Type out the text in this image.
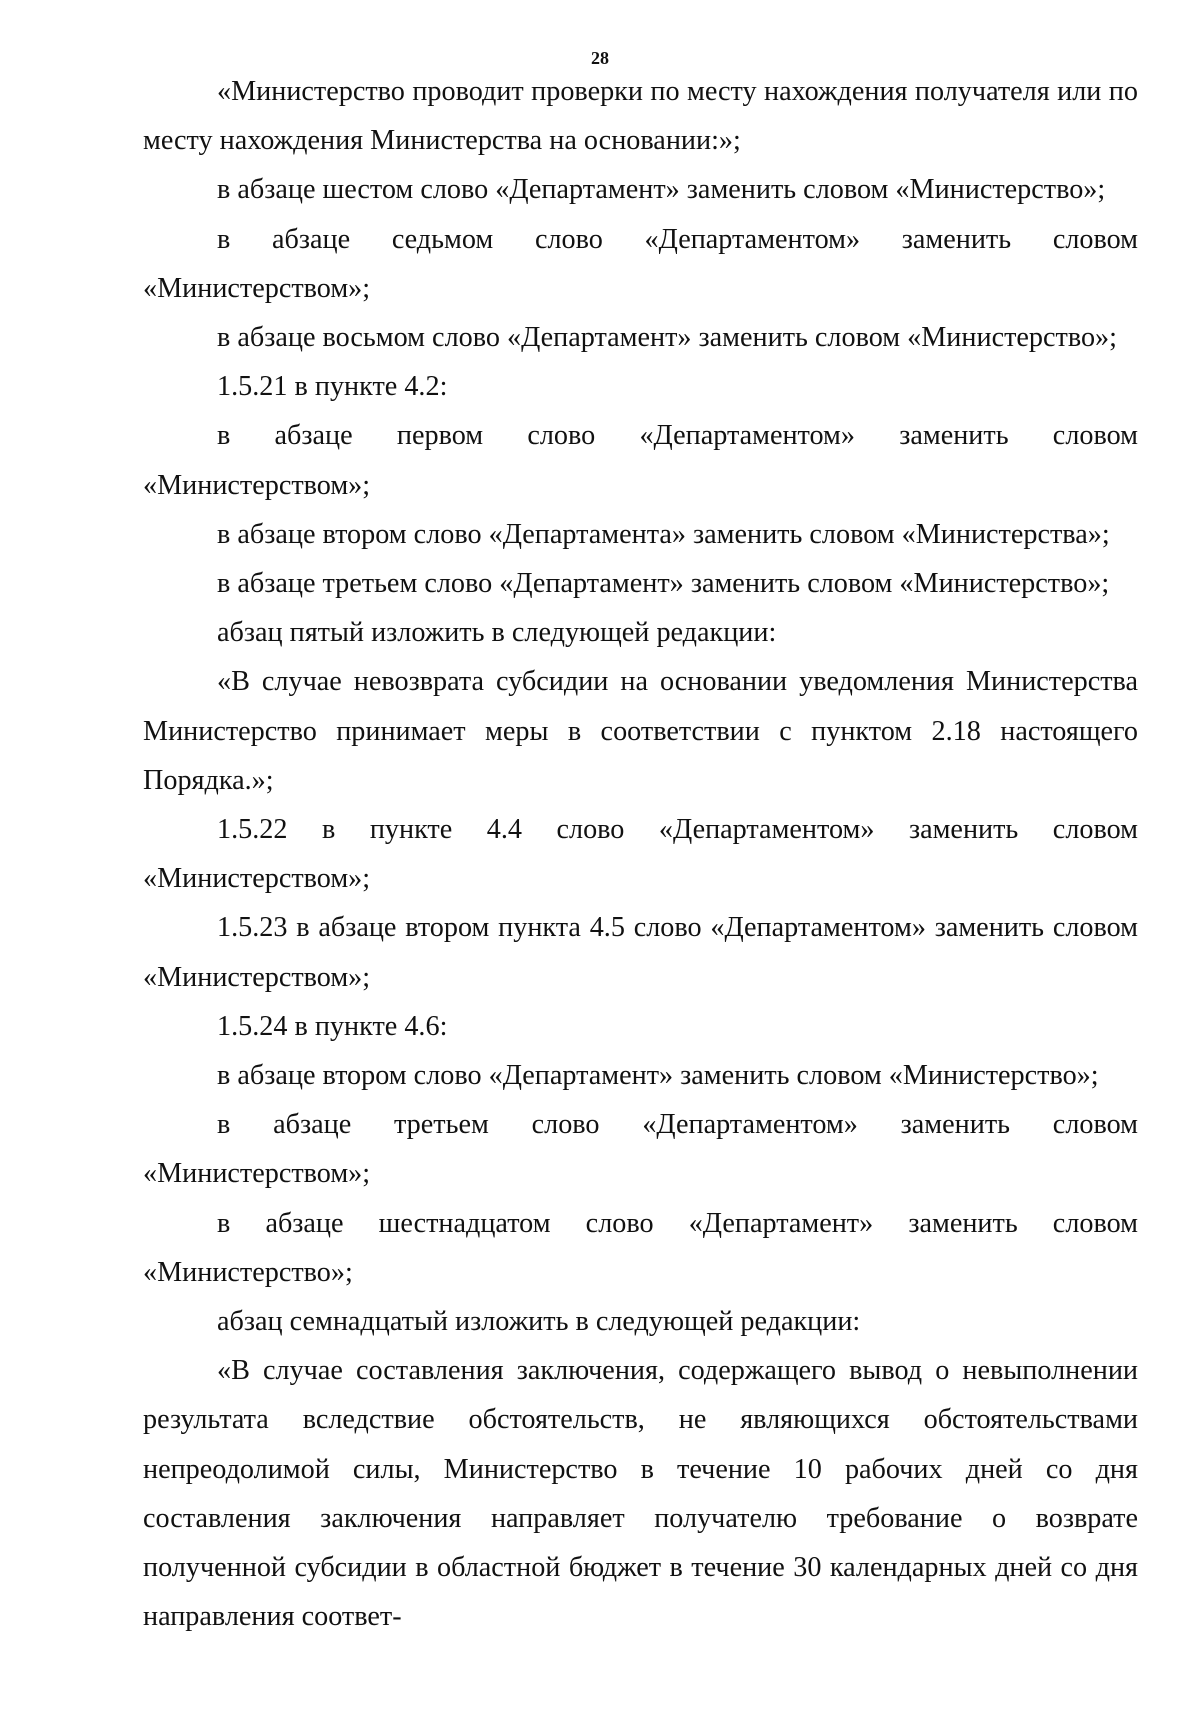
28

«Министерство проводит проверки по месту нахождения получателя или по месту нахождения Министерства на основании:»;

в абзаце шестом слово «Департамент» заменить словом «Министерство»;

в абзаце седьмом слово «Департаментом» заменить словом «Министерством»;

в абзаце восьмом слово «Департамент» заменить словом «Министерство»;

1.5.21 в пункте 4.2:

в абзаце первом слово «Департаментом» заменить словом «Министерством»;

в абзаце втором слово «Департамента» заменить словом «Министерства»;

в абзаце третьем слово «Департамент» заменить словом «Министерство»;

абзац пятый изложить в следующей редакции:

«В случае невозврата субсидии на основании уведомления Министерства Министерство принимает меры в соответствии с пунктом 2.18 настоящего Порядка.»;

1.5.22 в пункте 4.4 слово «Департаментом» заменить словом «Министерством»;

1.5.23 в абзаце втором пункта 4.5 слово «Департаментом» заменить словом «Министерством»;

1.5.24 в пункте 4.6:

в абзаце втором слово «Департамент» заменить словом «Министерство»;

в абзаце третьем слово «Департаментом» заменить словом «Министерством»;

в абзаце шестнадцатом слово «Департамент» заменить словом «Министерство»;

абзац семнадцатый изложить в следующей редакции:

«В случае составления заключения, содержащего вывод о невыполнении результата вследствие обстоятельств, не являющихся обстоятельствами непреодолимой силы, Министерство в течение 10 рабочих дней со дня составления заключения направляет получателю требование о возврате полученной субсидии в областной бюджет в течение 30 календарных дней со дня направления соответ-
